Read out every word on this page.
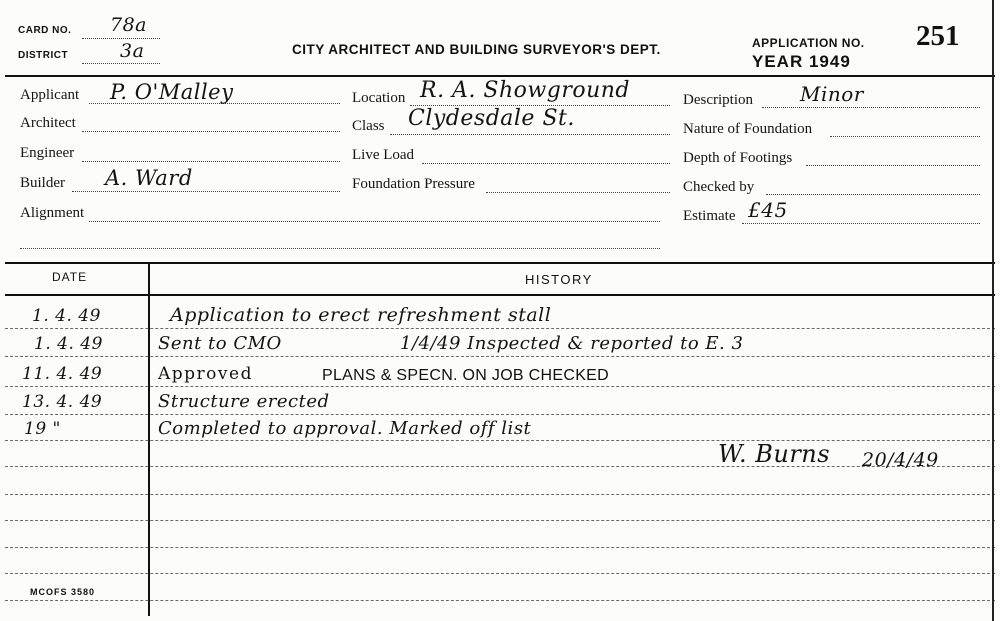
CARD NO. 78a
DISTRICT	3a	CITY ARCHITECT AND BUILDING SURVEYOR'S DEPT.	APPLICATION NO. 251
YEAR 1949
Applicant P. O'Malley
Architect
Engineer
Builder A. Ward
Alignment
Location R. A. Showground
Class Clydesdale St.
Live Load
Foundation Pressure
Description Minor
Nature of Foundation
Depth of Footings
Checked by
Estimate £45
DATE	HISTORY
1. 4. 49	Application to erect refreshment stall
1. 4. 49	Sent to CMO	1/4/49 Inspected & reported to E. 3
11. 4. 49	Approved	PLANS & SPECN. ON JOB CHECKED
13. 4. 49	Structure erected
19 "	Completed to approval. Marked off list
W. Burns 20/4/49
MCOFS 3580
